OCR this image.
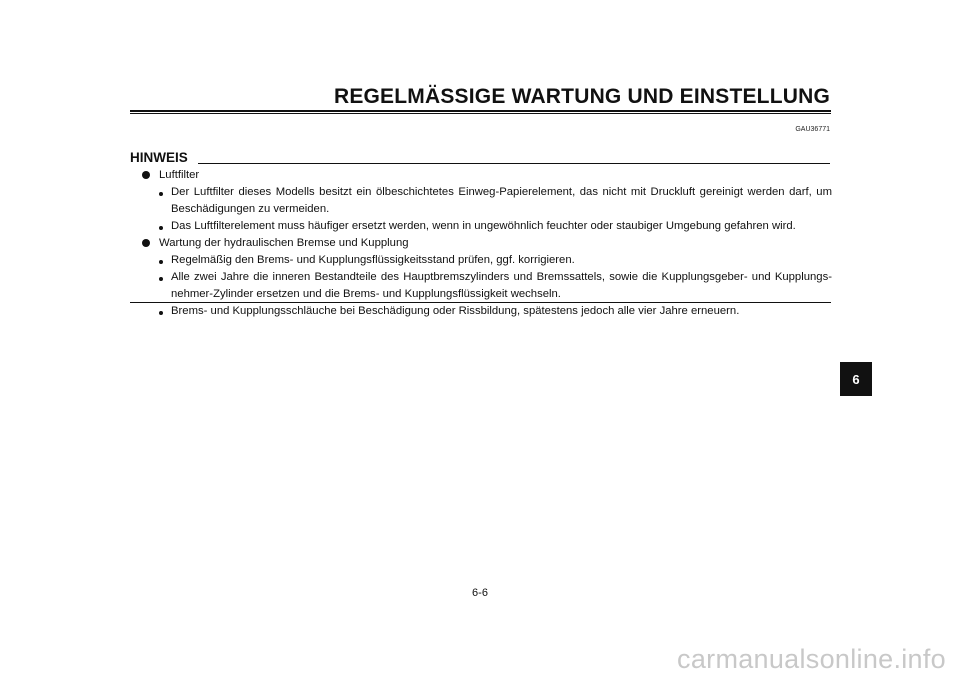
REGELMÄSSIGE WARTUNG UND EINSTELLUNG
GAU36771
HINWEIS
Luftfilter
Der Luftfilter dieses Modells besitzt ein ölbeschichtetes Einweg-Papierelement, das nicht mit Druckluft gereinigt werden darf, um Beschädigungen zu vermeiden.
Das Luftfilterelement muss häufiger ersetzt werden, wenn in ungewöhnlich feuchter oder staubiger Umgebung gefahren wird.
Wartung der hydraulischen Bremse und Kupplung
Regelmäßig den Brems- und Kupplungsflüssigkeitsstand prüfen, ggf. korrigieren.
Alle zwei Jahre die inneren Bestandteile des Hauptbremszylinders und Bremssattels, sowie die Kupplungsgeber- und Kupplungs-nehmer-Zylinder ersetzen und die Brems- und Kupplungsflüssigkeit wechseln.
Brems- und Kupplungsschläuche bei Beschädigung oder Rissbildung, spätestens jedoch alle vier Jahre erneuern.
6-6
6
carmanualsonline.info
